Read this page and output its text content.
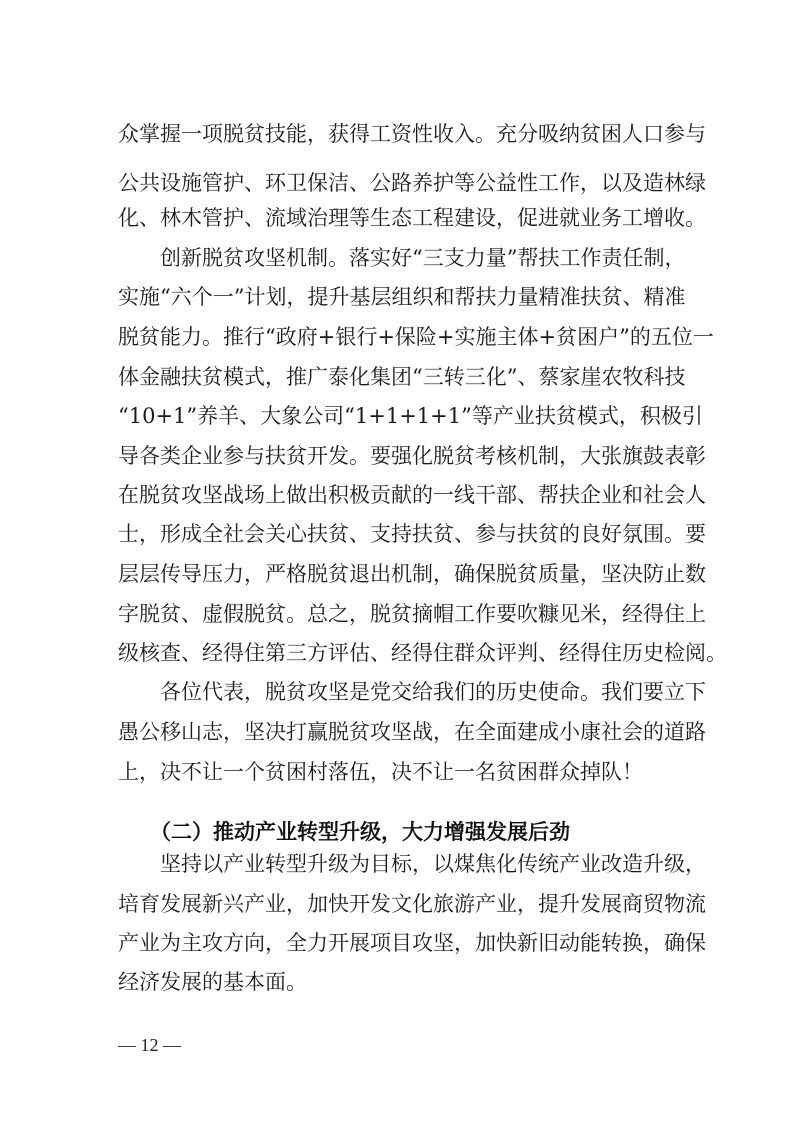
众掌握一项脱贫技能，获得工资性收入。充分吸纳贫困人口参与
公共设施管护、环卫保洁、公路养护等公益性工作，以及造林绿
化、林木管护、流域治理等生态工程建设，促进就业务工增收。
创新脱贫攻坚机制。落实好“三支力量”帮扶工作责任制，
实施“六个一”计划，提升基层组织和帮扶力量精准扶贫、精准
脱贫能力。推行“政府+银行+保险+实施主体+贫困户”的五位一
体金融扶贫模式，推广泰化集团“三转三化”、蔡家崖农牧科技
“10+1”养羊、大象公司“1+1+1+1”等产业扶贫模式，积极引
导各类企业参与扶贫开发。要强化脱贫考核机制，大张旗鼓表彰
在脱贫攻坚战场上做出积极贡献的一线干部、帮扶企业和社会人
士，形成全社会关心扶贫、支持扶贫、参与扶贫的良好氛围。要
层层传导压力，严格脱贫退出机制，确保脱贫质量，坚决防止数
字脱贫、虚假脱贫。总之，脱贫摘帽工作要吹糠见米，经得住上
级核查、经得住第三方评估、经得住群众评判、经得住历史检阅。
各位代表，脱贫攻坚是党交给我们的历史使命。我们要立下
愚公移山志，坚决打赢脱贫攻坚战，在全面建成小康社会的道路
上，决不让一个贫困村落伍，决不让一名贫困群众掉队！
（二）推动产业转型升级，大力增强发展后劲
坚持以产业转型升级为目标，以煤焦化传统产业改造升级，
培育发展新兴产业，加快开发文化旅游产业，提升发展商贸物流
产业为主攻方向，全力开展项目攻坚，加快新旧动能转换，确保
经济发展的基本面。
— 12 —
